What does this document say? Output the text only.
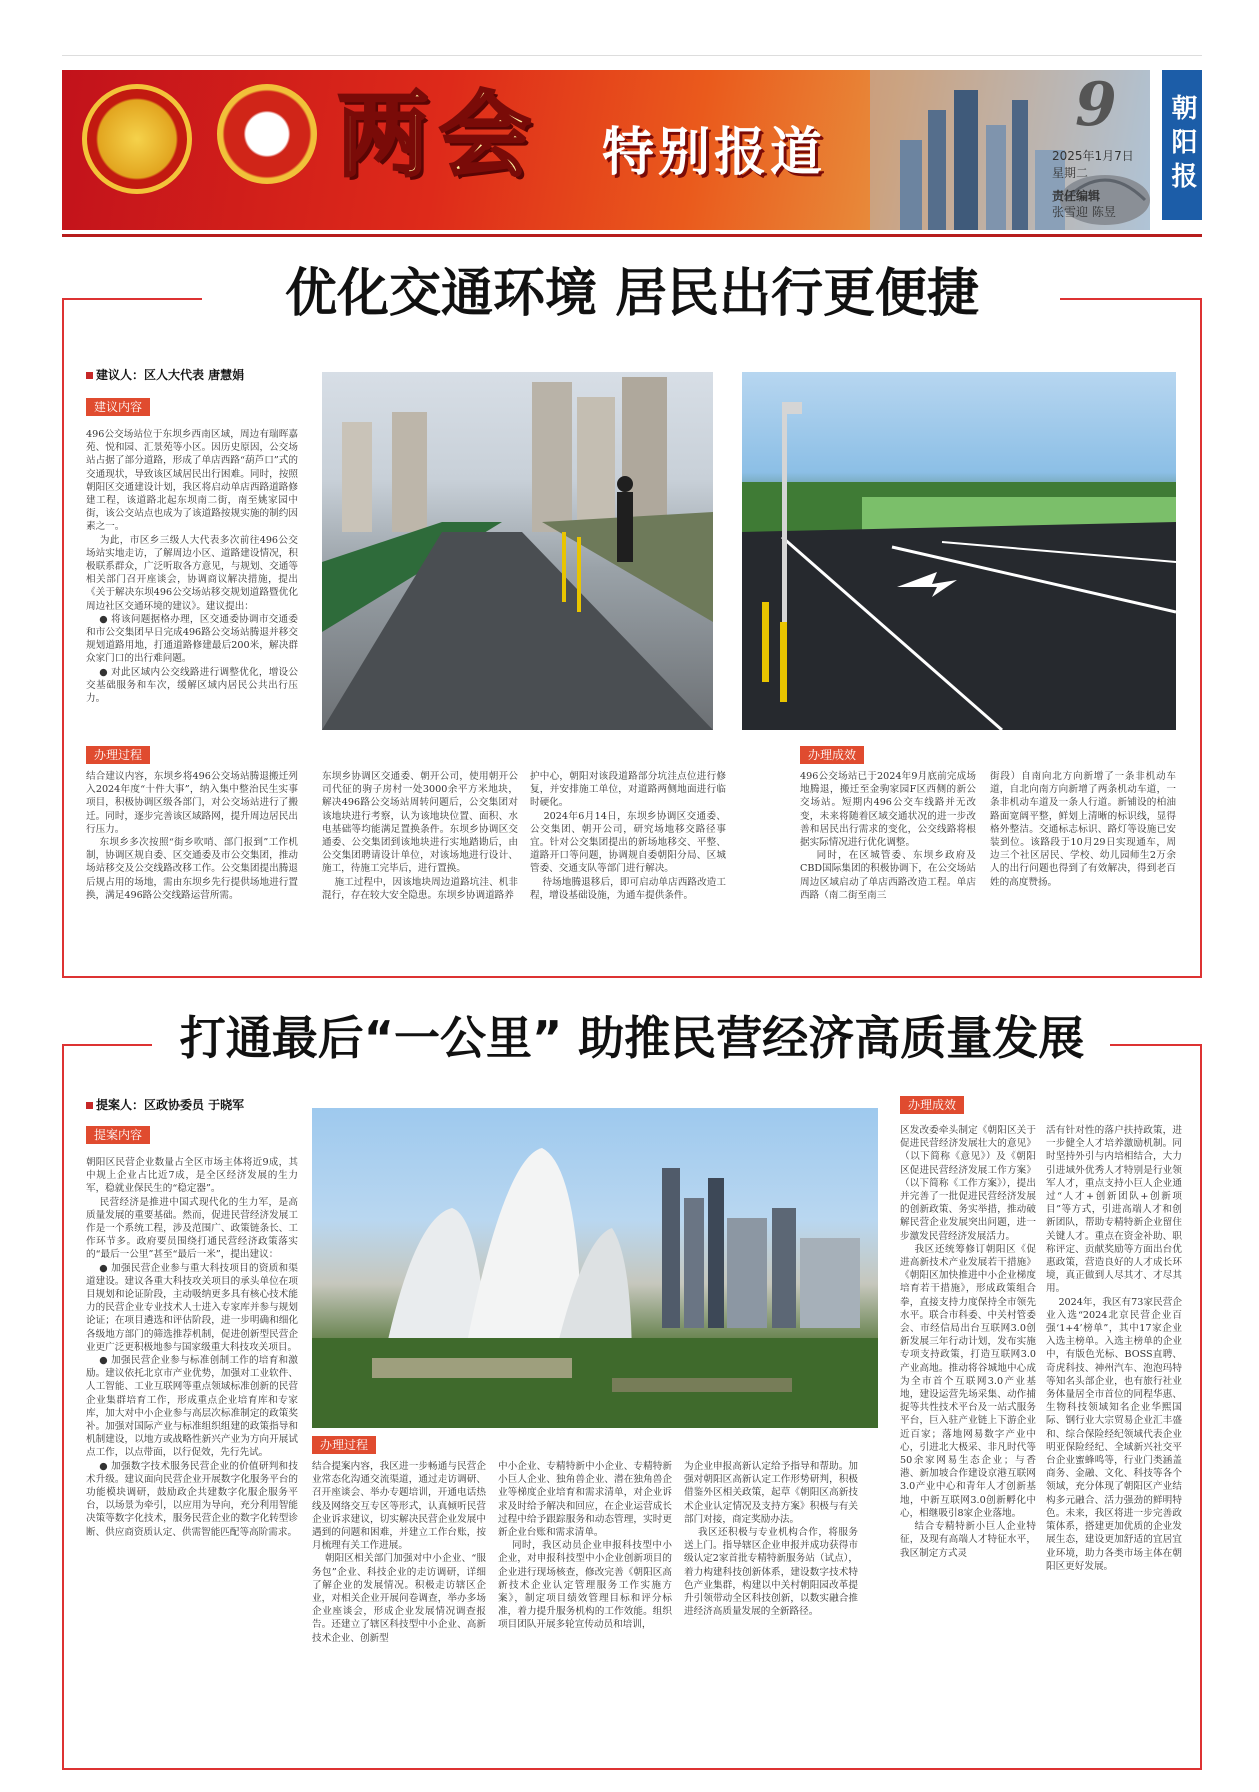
两会 特别报道
9
2025年1月7日
星期二
责任编辑
张雪迎 陈昱
朝阳报
优化交通环境 居民出行更便捷
建议人：区人大代表 唐慧娟
建议内容
496公交场站位于东坝乡西南区域，周边有瑞晖嘉苑、悦和园、汇景苑等小区。因历史原因，公交场站占据了部分道路，形成了单店西路“葫芦口”式的交通现状，导致该区域居民出行困难。同时，按照朝阳区交通建设计划，我区将启动单店西路道路修建工程，该道路北起东坝南二街，南至姚家园中街，该公交站点也成为了该道路按规实施的制约因素之一。
为此，市区乡三级人大代表多次前往496公交场站实地走访，了解周边小区、道路建设情况，积极联系群众，广泛听取各方意见，与规划、交通等相关部门召开座谈会，协调商议解决措施，提出《关于解决东坝496公交场站移交规划道路暨优化周边社区交通环境的建议》。建议提出：
● 将该问题据格办理，区交通委协调市交通委和市公交集团早日完成496路公交场站腾退并移交规划道路用地，打通道路修建最后200米，解决群众家门口的出行难问题。
● 对此区域内公交线路进行调整优化，增设公交基础服务和车次，缓解区域内居民公共出行压力。
办理过程
结合建议内容，东坝乡将496公交场站腾退搬迁列入2024年度“十件大事”，纳入集中整治民生实事项目，积极协调区级各部门，对公交场站进行了搬迁。同时，逐步完善该区域路网，提升周边居民出行压力。
东坝乡多次按照“街乡吹哨、部门报到”工作机制，协调区规自委、区交通委及市公交集团，推动场站移交及公交线路改移工作。公交集团提出腾退后规占用的场地，需由东坝乡先行提供场地进行置换，满足496路公交线路运营所需。
东坝乡协调区交通委、朝开公司，使用朝开公司代征的驹子房村一处3000余平方米地块，解决496路公交场站周转问题后，公交集团对该地块进行考察，认为该地块位置、面积、水电基础等均能满足置换条件。东坝乡协调区交通委、公交集团到该地块进行实地踏勘后，由公交集团聘请设计单位，对该场地进行设计、施工，待施工完毕后，进行置换。
施工过程中，因该地块周边道路坑洼、机非混行，存在较大安全隐患。东坝乡协调道路养
护中心，朝阳对该段道路部分坑洼点位进行修复，并安排施工单位，对道路两侧地面进行临时硬化。
2024年6月14日，东坝乡协调区交通委、公交集团、朝开公司，研究场地移交路径事宜。针对公交集团提出的新场地移交、平整、道路开口等问题，协调规自委朝阳分局、区城管委、交通支队等部门进行解决。
待场地腾退移后，即可启动单店西路改造工程，增设基础设施，为通车提供条件。
办理成效
496公交场站已于2024年9月底前完成场地腾退，搬迁至金驹家园F区西侧的新公交场站。短期内496公交车线路并无改变，未来将随着区域交通状况的进一步改善和居民出行需求的变化，公交线路将根据实际情况进行优化调整。
同时，在区城管委、东坝乡政府及CBD国际集团的积极协调下，在公交场站周边区域启动了单店西路改造工程。单店西路（南二街至南三
街段）自南向北方向新增了一条非机动车道，自北向南方向新增了两条机动车道，一条非机动车道及一条人行道。新铺设的柏油路面宽阔平整，鲜划上清晰的标识线，显得格外整洁。交通标志标识、路灯等设施已安装到位。该路段于10月29日实现通车，周边三个社区居民、学校、幼儿园师生2万余人的出行问题也得到了有效解决，得到老百姓的高度赞扬。
打通最后“一公里” 助推民营经济高质量发展
提案人：区政协委员 于晓军
提案内容
朝阳区民营企业数量占全区市场主体将近9成，其中规上企业占比近7成，是全区经济发展的生力军，稳就业保民生的“稳定器”。
民营经济是推进中国式现代化的生力军，是高质量发展的重要基础。然而，促进民营经济发展工作是一个系统工程，涉及范围广、政策链条长、工作环节多。政府要员围绕打通民营经济政策落实的“最后一公里”甚至“最后一米”，提出建议：
● 加强民营企业参与重大科技项目的资质和渠道建设。建议各重大科技攻关项目的承头单位在项目规划和论证阶段，主动吸纳更多具有核心技术能力的民营企业专业技术人士进入专家库并参与规划论证；在项目遴选和评估阶段，进一步明确和细化各级地方部门的筛选推荐机制，促进创新型民营企业更广泛更积极地参与国家级重大科技攻关项目。
● 加强民营企业参与标准创制工作的培育和激励。建议依托北京市产业优势，加强对工业软件、人工智能、工业互联网等重点领域标准创新的民营企业集群培育工作，形成重点企业培育库和专家库，加大对中小企业参与高层次标准制定的政策奖补。加强对国际产业与标准组织组建的政策指导和机制建设，以地方或战略性新兴产业为方向开展试点工作，以点带面，以行促效，先行先试。
● 加强数字技术服务民营企业的价值研判和技术升级。建议面向民营企业开展数字化服务平台的功能模块调研，鼓励政企共建数字化服企服务平台，以场景为牵引，以应用为导向，充分利用智能决策等数字化技术，服务民营企业的数字化转型诊断、供应商资质认定、供需智能匹配等高阶需求。
办理过程
结合提案内容，我区进一步畅通与民营企业常态化沟通交流渠道，通过走访调研、召开座谈会、举办专题培训，开通电话热线及网络交互专区等形式，认真倾听民营企业诉求建议，切实解决民营企业发展中遇到的问题和困难，并建立工作台账，按月梳理有关工作进展。
朝阳区相关部门加强对中小企业、“服务包”企业、科技企业的走访调研，详细了解企业的发展情况。积极走访辖区企业，对相关企业开展问卷调查，举办多场企业座谈会，形成企业发展情况调查报告。还建立了辖区科技型中小企业、高新技术企业、创新型
中小企业、专精特新中小企业、专精特新小巨人企业、独角兽企业、潜在独角兽企业等梯度企业培育和需求清单，对企业诉求及时给予解决和回应，在企业运营成长过程中给予跟踪服务和动态管理，实时更新企业台账和需求清单。
同时，我区动员企业申报科技型中小企业，对申报科技型中小企业创新项目的企业进行现场核查，修改完善《朝阳区高新技术企业认定管理服务工作实施方案》，制定项目绩效管理目标和评分标准，着力提升服务机构的工作效能。组织项目团队开展多轮宣传动员和培训，
为企业申报高新认定给予指导和帮助。加强对朝阳区高新认定工作形势研判，积极借鉴外区相关政策，起草《朝阳区高新技术企业认定情况及支持方案》积极与有关部门对接，商定奖励办法。
我区还积极与专业机构合作，将服务送上门。指导辖区企业申报并成功获得市级认定2家首批专精特新服务站（试点），着力构建科技创新体系，建设数字技术特色产业集群，构建以中关村朝阳园改革提升引领带动全区科技创新，以数实融合推进经济高质量发展的全新路径。
办理成效
区发改委牵头制定《朝阳区关于促进民营经济发展壮大的意见》（以下简称《意见》）及《朝阳区促进民营经济发展工作方案》（以下简称《工作方案》），提出并完善了一批促进民营经济发展的创新政策、务实举措，推动破解民营企业发展突出问题，进一步激发民营经济发展活力。
我区还统筹修订朝阳区《促进高新技术产业发展若干措施》《朝阳区加快推进中小企业梯度培育若干措施》，形成政策组合拳，直接支持力度保持全市领先水平。联合市科委、中关村管委会、市经信局出台互联网3.0创新发展三年行动计划，发布实施专项支持政策，打造互联网3.0产业高地。推动将谷城地中心成为全市首个互联网3.0产业基地，建设运营先场采集、动作捕捉等共性技术平台及一站式服务平台，巨入驻产业链上下游企业近百家；落地网易数字产业中心，引进北大极采、非凡时代等50余家网易生态企业；与香港、新加坡合作建设京港互联网3.0产业中心和青年人才创新基地，中新互联网3.0创新孵化中心，相继吸引8家企业落地。
结合专精特新小巨人企业特征，及现有高端人才特征水平，我区制定方式灵
活有针对性的落户扶持政策，进一步健全人才培养激励机制。同时坚持外引与内培相结合，大力引进域外优秀人才特别是行业领军人才，重点支持小巨人企业通过“人才+创新团队+创新项目”等方式，引进高端人才和创新团队，帮助专精特新企业留住关键人才。重点在资金补助、职称评定、贡献奖励等方面出台优惠政策，营造良好的人才成长环境，真正做到人尽其才、才尽其用。
2024年，我区有73家民营企业入选“2024北京民营企业百强‘1+4’榜单”，其中17家企业入选主榜单。入选主榜单的企业中，有版色光标、BOSS直聘、奇虎科技、神州汽车、泡泡玛特等知名头部企业，也有旅行社业务体量居全市首位的同程华惠、生物科技领域知名企业华熙国际、钢行业大宗贸易企业汇丰盛和、综合保险经纪领域代表企业明亚保险经纪、全域新兴社交平台企业蜜蜂鸣等，行业门类涵盖商务、金融、文化、科技等各个领域，充分体现了朝阳区产业结构多元融合、活力强劲的鲜明特色。未来，我区将进一步完善政策体系，搭建更加优质的企业发展生态，建设更加舒适的宜居宜业环境，助力各类市场主体在朝阳区更好发展。
